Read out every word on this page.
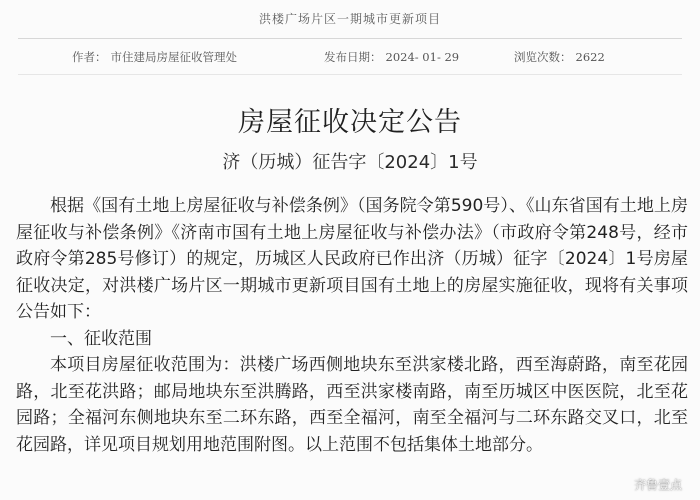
洪楼广场片区一期城市更新项目
作者： 市住建局房屋征收管理处	发布日期： 2024- 01- 29	浏览次数： 2622
房屋征收决定公告
济（历城）征告字〔2024〕1号

根据《国有土地上房屋征收与补偿条例》（国务院令第590号）、《山东省国有土地上房屋征收与补偿条例》《济南市国有土地上房屋征收与补偿办法》（市政府令第248号，经市政府令第285号修订）的规定，历城区人民政府已作出济（历城）征字〔2024〕1号房屋征收决定，对洪楼广场片区一期城市更新项目国有土地上的房屋实施征收，现将有关事项公告如下：

一、征收范围

本项目房屋征收范围为：洪楼广场西侧地块东至洪家楼北路，西至海蔚路，南至花园路，北至花洪路；邮局地块东至洪腾路，西至洪家楼南路，南至历城区中医医院，北至花园路；全福河东侧地块东至二环东路，西至全福河，南至全福河与二环东路交叉口，北至花园路，详见项目规划用地范围附图。以上范围不包括集体土地部分。

齐鲁壹点
